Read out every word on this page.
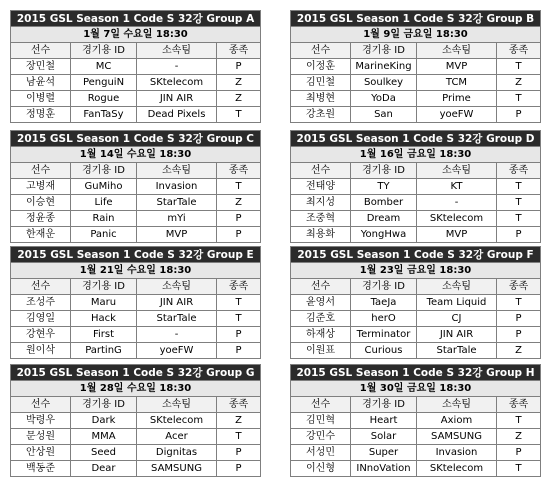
2015 GSL Season 1 Code S 32강 Group A			
1월 7일 수요일 18:30			
선수	경기용 ID	소속팀	종족
장민철	MC	-	P
남윤석	PenguiN	SKtelecom	Z
이병렬	Rogue	JIN AIR	Z
정명훈	FanTaSy	Dead Pixels	T
2015 GSL Season 1 Code S 32강 Group B			
1월 9일 금요일 18:30			
선수	경기용 ID	소속팀	종족
이정훈	MarineKing	MVP	T
김민철	Soulkey	TCM	Z
최병현	YoDa	Prime	T
강초원	San	yoeFW	P
2015 GSL Season 1 Code S 32강 Group C			
1월 14일 수요일 18:30			
선수	경기용 ID	소속팀	종족
고병재	GuMiho	Invasion	T
이승현	Life	StarTale	Z
정윤종	Rain	mYi	P
한재운	Panic	MVP	P
2015 GSL Season 1 Code S 32강 Group D			
1월 16일 금요일 18:30			
선수	경기용 ID	소속팀	종족
전태양	TY	KT	T
최지성	Bomber	-	T
조중혁	Dream	SKtelecom	T
최용화	YongHwa	MVP	P
2015 GSL Season 1 Code S 32강 Group E			
1월 21일 수요일 18:30			
선수	경기용 ID	소속팀	종족
조성주	Maru	JIN AIR	T
김영일	Hack	StarTale	T
강현우	First	-	P
원이삭	PartinG	yoeFW	P
2015 GSL Season 1 Code S 32강 Group F			
1월 23일 금요일 18:30			
선수	경기용 ID	소속팀	종족
윤영서	TaeJa	Team Liquid	T
김준호	herO	CJ	P
하재상	Terminator	JIN AIR	P
이원표	Curious	StarTale	Z
2015 GSL Season 1 Code S 32강 Group G			
1월 28일 수요일 18:30			
선수	경기용 ID	소속팀	종족
박령우	Dark	SKtelecom	Z
문성원	MMA	Acer	T
안상원	Seed	Dignitas	P
백동준	Dear	SAMSUNG	P
2015 GSL Season 1 Code S 32강 Group H			
1월 30일 금요일 18:30			
선수	경기용 ID	소속팀	종족
김민혁	Heart	Axiom	T
강민수	Solar	SAMSUNG	Z
서성민	Super	Invasion	P
이신형	INnoVation	SKtelecom	T
